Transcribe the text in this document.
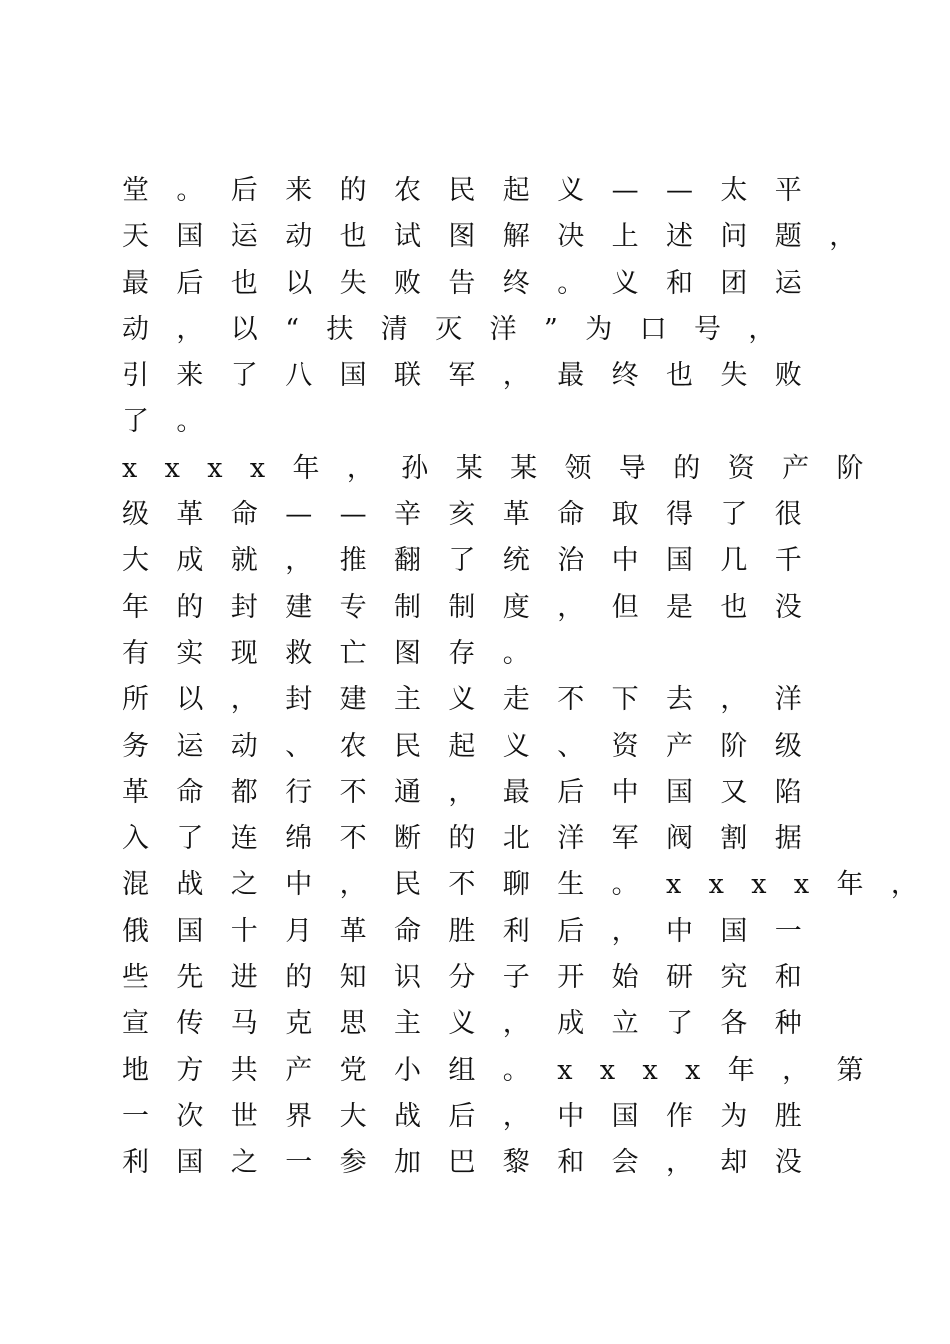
堂。后来的农民起义——太平
天国运动也试图解决上述问题，
最后也以失败告终。义和团运
动，以“扶清灭洋”为口号，
引来了八国联军，最终也失败
了。
xxxx年，孙某某领导的资产阶
级革命——辛亥革命取得了很
大成就，推翻了统治中国几千
年的封建专制制度，但是也没
有实现救亡图存。
所以，封建主义走不下去，洋
务运动、农民起义、资产阶级
革命都行不通，最后中国又陷
入了连绵不断的北洋军阀割据
混战之中，民不聊生。xxxx年，
俄国十月革命胜利后，中国一
些先进的知识分子开始研究和
宣传马克思主义，成立了各种
地方共产党小组。xxxx年，第
一次世界大战后，中国作为胜
利国之一参加巴黎和会，却没
